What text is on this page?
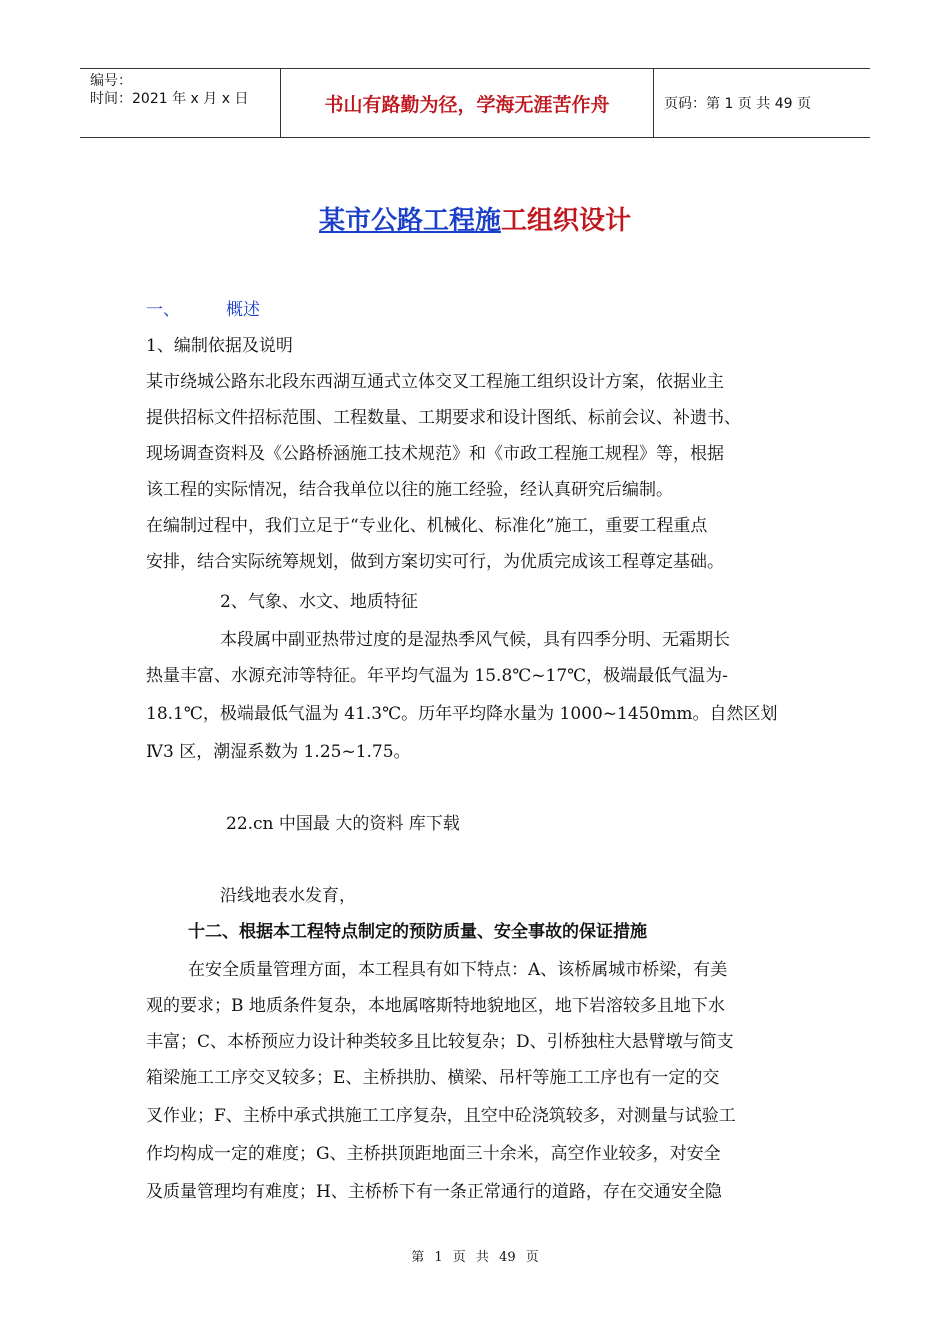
编号：
时间：2021 年 x 月 x 日	书山有路勤为径，学海无涯苦作舟	页码：第 1 页 共 49 页
某市公路工程施工组织设计
一、	概述
1、编制依据及说明
某市绕城公路东北段东西湖互通式立体交叉工程施工组织设计方案，依据业主
提供招标文件招标范围、工程数量、工期要求和设计图纸、标前会议、补遗书、
现场调查资料及《公路桥涵施工技术规范》和《市政工程施工规程》等，根据
该工程的实际情况，结合我单位以往的施工经验，经认真研究后编制。
在编制过程中，我们立足于“专业化、机械化、标准化”施工，重要工程重点
安排，结合实际统筹规划，做到方案切实可行，为优质完成该工程尊定基础。
2、气象、水文、地质特征
本段属中副亚热带过度的是湿热季风气候，具有四季分明、无霜期长
热量丰富、水源充沛等特征。年平均气温为 15.8℃~17℃，极端最低气温为-
18.1℃，极端最低气温为 41.3℃。历年平均降水量为 1000~1450mm。自然区划
Ⅳ3 区，潮湿系数为 1.25~1.75。
22.cn 中国最 大的资料 库下载
沿线地表水发育，
十二、根据本工程特点制定的预防质量、安全事故的保证措施
在安全质量管理方面，本工程具有如下特点：A、该桥属城市桥梁，有美
观的要求；B 地质条件复杂，本地属喀斯特地貌地区，地下岩溶较多且地下水
丰富；C、本桥预应力设计种类较多且比较复杂；D、引桥独柱大悬臂墩与简支
箱梁施工工序交叉较多；E、主桥拱肋、横梁、吊杆等施工工序也有一定的交
叉作业；F、主桥中承式拱施工工序复杂，且空中砼浇筑较多，对测量与试验工
作均构成一定的难度；G、主桥拱顶距地面三十余米，高空作业较多，对安全
及质量管理均有难度；H、主桥桥下有一条正常通行的道路，存在交通安全隐
第 1 页 共 49 页
